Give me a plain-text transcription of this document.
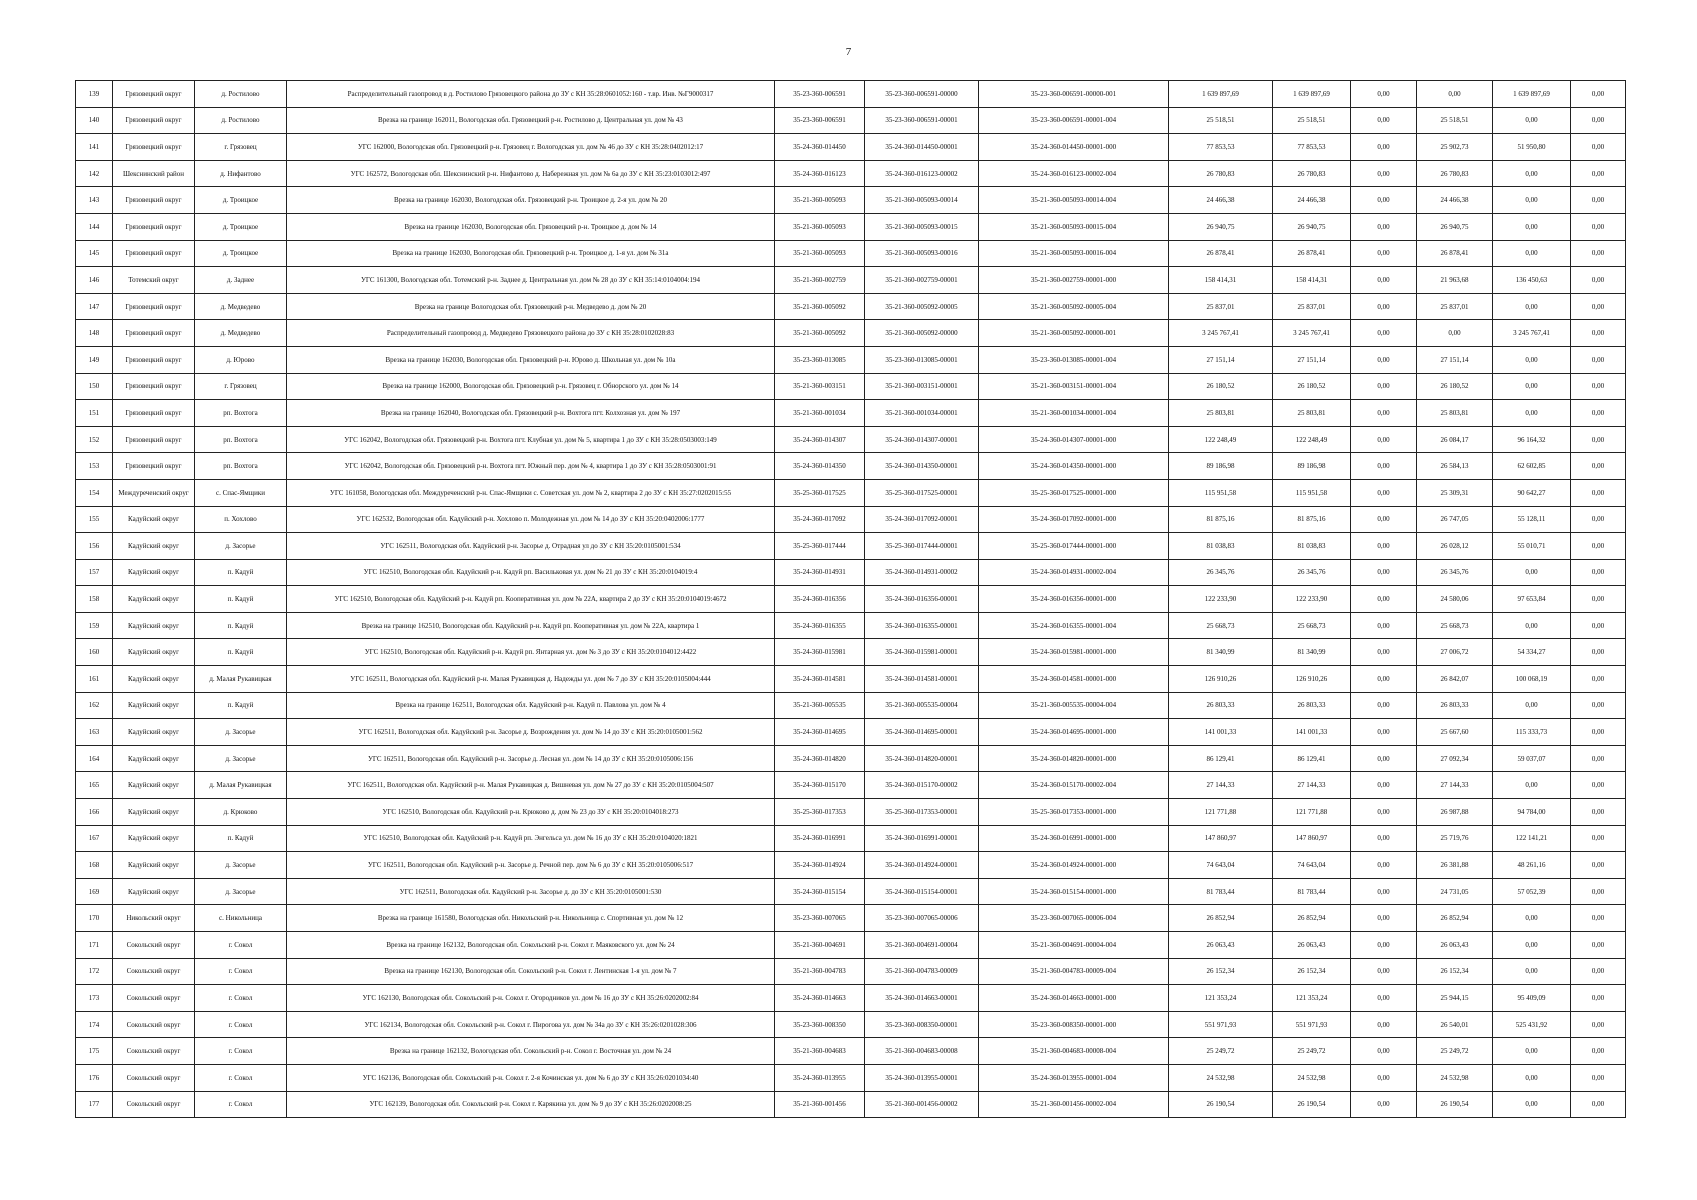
7
139	Грязовецкий округ	д. Ростилово	Распределительный газопровод в д. Ростилово Грязовецкого района до ЗУ с КН 35:28:0601052:160 - т.вр. Инв. №Г9000317	35-23-360-006591	35-23-360-006591-00000	35-23-360-006591-00000-001	1 639 897,69	1 639 897,69	0,00	0,00	1 639 897,69	0,00
140	Грязовецкий округ	д. Ростилово	Врезка на границе 162011, Вологодская обл. Грязовецкий р-н. Ростилово д. Центральная ул. дом № 43	35-23-360-006591	35-23-360-006591-00001	35-23-360-006591-00001-004	25 518,51	25 518,51	0,00	25 518,51	0,00	0,00
141	Грязовецкий округ	г. Грязовец	УГС 162000, Вологодская обл. Грязовецкий р-н. Грязовец г. Вологодская ул. дом № 46 до ЗУ с КН 35:28:0402012:17	35-24-360-014450	35-24-360-014450-00001	35-24-360-014450-00001-000	77 853,53	77 853,53	0,00	25 902,73	51 950,80	0,00
142	Шекснинский район	д. Нифантово	УГС 162572, Вологодская обл. Шекснинский р-н. Нифантово д. Набережная ул. дом № 6а до ЗУ с КН 35:23:0103012:497	35-24-360-016123	35-24-360-016123-00002	35-24-360-016123-00002-004	26 780,83	26 780,83	0,00	26 780,83	0,00	0,00
143	Грязовецкий округ	д. Троицкое	Врезка на границе 162030, Вологодская обл. Грязовецкий р-н. Троицкое д. 2-я ул. дом № 20	35-21-360-005093	35-21-360-005093-00014	35-21-360-005093-00014-004	24 466,38	24 466,38	0,00	24 466,38	0,00	0,00
144	Грязовецкий округ	д. Троицкое	Врезка на границе 162030, Вологодская обл. Грязовецкий р-н. Троицкое д. дом № 14	35-21-360-005093	35-21-360-005093-00015	35-21-360-005093-00015-004	26 940,75	26 940,75	0,00	26 940,75	0,00	0,00
145	Грязовецкий округ	д. Троицкое	Врезка на границе 162030, Вологодская обл. Грязовецкий р-н. Троицкое д. 1-я ул. дом № 31а	35-21-360-005093	35-21-360-005093-00016	35-21-360-005093-00016-004	26 878,41	26 878,41	0,00	26 878,41	0,00	0,00
146	Тотемский округ	д. Заднее	УГС 161300, Вологодская обл. Тотемский р-н. Заднее д. Центральная ул. дом № 28 до ЗУ с КН 35:14:0104004:194	35-21-360-002759	35-21-360-002759-00001	35-21-360-002759-00001-000	158 414,31	158 414,31	0,00	21 963,68	136 450,63	0,00
147	Грязовецкий округ	д. Медведево	Врезка на границе Вологодская обл. Грязовецкий р-н. Медведево д. дом № 20	35-21-360-005092	35-21-360-005092-00005	35-21-360-005092-00005-004	25 837,01	25 837,01	0,00	25 837,01	0,00	0,00
148	Грязовецкий округ	д. Медведево	Распределительный газопровод д. Медведево Грязовецкого района до ЗУ с КН 35:28:0102028:83	35-21-360-005092	35-21-360-005092-00000	35-21-360-005092-00000-001	3 245 767,41	3 245 767,41	0,00	0,00	3 245 767,41	0,00
149	Грязовецкий округ	д. Юрово	Врезка на границе 162030, Вологодская обл. Грязовецкий р-н. Юрово д. Школьная ул. дом № 10а	35-23-360-013085	35-23-360-013085-00001	35-23-360-013085-00001-004	27 151,14	27 151,14	0,00	27 151,14	0,00	0,00
150	Грязовецкий округ	г. Грязовец	Врезка на границе 162000, Вологодская обл. Грязовецкий р-н. Грязовец г. Обнорского ул. дом № 14	35-21-360-003151	35-21-360-003151-00001	35-21-360-003151-00001-004	26 180,52	26 180,52	0,00	26 180,52	0,00	0,00
151	Грязовецкий округ	рп. Вохтога	Врезка на границе 162040, Вологодская обл. Грязовецкий р-н. Вохтога пгт. Колхозная ул. дом № 197	35-21-360-001034	35-21-360-001034-00001	35-21-360-001034-00001-004	25 803,81	25 803,81	0,00	25 803,81	0,00	0,00
152	Грязовецкий округ	рп. Вохтога	УГС 162042, Вологодская обл. Грязовецкий р-н. Вохтога пгт. Клубная ул. дом № 5, квартира 1 до ЗУ с КН 35:28:0503003:149	35-24-360-014307	35-24-360-014307-00001	35-24-360-014307-00001-000	122 248,49	122 248,49	0,00	26 084,17	96 164,32	0,00
153	Грязовецкий округ	рп. Вохтога	УГС 162042, Вологодская обл. Грязовецкий р-н. Вохтога пгт. Южный пер. дом № 4, квартира 1 до ЗУ с КН 35:28:0503001:91	35-24-360-014350	35-24-360-014350-00001	35-24-360-014350-00001-000	89 186,98	89 186,98	0,00	26 584,13	62 602,85	0,00
154	Междуреченский округ	с. Спас-Ямщики	УГС 161058, Вологодская обл. Междуреченский р-н. Спас-Ямщики с. Советская ул. дом № 2, квартира 2 до ЗУ с КН 35:27:0202015:55	35-25-360-017525	35-25-360-017525-00001	35-25-360-017525-00001-000	115 951,58	115 951,58	0,00	25 309,31	90 642,27	0,00
155	Кадуйский округ	п. Хохлово	УГС 162532, Вологодская обл. Кадуйский р-н. Хохлово п. Молодежная ул. дом № 14 до ЗУ с КН 35:20:0402006:1777	35-24-360-017092	35-24-360-017092-00001	35-24-360-017092-00001-000	81 875,16	81 875,16	0,00	26 747,05	55 128,11	0,00
156	Кадуйский округ	д. Засорье	УГС 162511, Вологодская обл. Кадуйский р-н. Засорье д. Отрадная ул до ЗУ с КН 35:20:0105001:534	35-25-360-017444	35-25-360-017444-00001	35-25-360-017444-00001-000	81 038,83	81 038,83	0,00	26 028,12	55 010,71	0,00
157	Кадуйский округ	п. Кадуй	УГС 162510, Вологодская обл. Кадуйский р-н. Кадуй рп. Васильковая ул. дом № 21 до ЗУ с КН 35:20:0104019:4	35-24-360-014931	35-24-360-014931-00002	35-24-360-014931-00002-004	26 345,76	26 345,76	0,00	26 345,76	0,00	0,00
158	Кадуйский округ	п. Кадуй	УГС 162510, Вологодская обл. Кадуйский р-н. Кадуй рп. Кооперативная ул. дом № 22А, квартира 2 до ЗУ с КН 35:20:0104019:4672	35-24-360-016356	35-24-360-016356-00001	35-24-360-016356-00001-000	122 233,90	122 233,90	0,00	24 580,06	97 653,84	0,00
159	Кадуйский округ	п. Кадуй	Врезка на границе 162510, Вологодская обл. Кадуйский р-н. Кадуй рп. Кооперативная ул. дом № 22А, квартира 1	35-24-360-016355	35-24-360-016355-00001	35-24-360-016355-00001-004	25 668,73	25 668,73	0,00	25 668,73	0,00	0,00
160	Кадуйский округ	п. Кадуй	УГС 162510, Вологодская обл. Кадуйский р-н. Кадуй рп. Янтарная ул. дом № 3 до ЗУ с КН 35:20:0104012:4422	35-24-360-015981	35-24-360-015981-00001	35-24-360-015981-00001-000	81 340,99	81 340,99	0,00	27 006,72	54 334,27	0,00
161	Кадуйский округ	д. Малая Рукавицкая	УГС 162511, Вологодская обл. Кадуйский р-н. Малая Рукавицкая д. Надежды ул. дом № 7 до ЗУ с КН 35:20:0105004:444	35-24-360-014581	35-24-360-014581-00001	35-24-360-014581-00001-000	126 910,26	126 910,26	0,00	26 842,07	100 068,19	0,00
162	Кадуйский округ	п. Кадуй	Врезка на границе 162511, Вологодская обл. Кадуйский р-н. Кадуй п. Павлова ул. дом № 4	35-21-360-005535	35-21-360-005535-00004	35-21-360-005535-00004-004	26 803,33	26 803,33	0,00	26 803,33	0,00	0,00
163	Кадуйский округ	д. Засорье	УГС 162511, Вологодская обл. Кадуйский р-н. Засорье д. Возрождения ул. дом № 14 до ЗУ с КН 35:20:0105001:562	35-24-360-014695	35-24-360-014695-00001	35-24-360-014695-00001-000	141 001,33	141 001,33	0,00	25 667,60	115 333,73	0,00
164	Кадуйский округ	д. Засорье	УГС 162511, Вологодская обл. Кадуйский р-н. Засорье д. Лесная ул. дом № 14 до ЗУ с КН 35:20:0105006:156	35-24-360-014820	35-24-360-014820-00001	35-24-360-014820-00001-000	86 129,41	86 129,41	0,00	27 092,34	59 037,07	0,00
165	Кадуйский округ	д. Малая Рукавицкая	УГС 162511, Вологодская обл. Кадуйский р-н. Малая Рукавицкая д. Вишневая ул. дом № 27 до ЗУ с КН 35:20:0105004:507	35-24-360-015170	35-24-360-015170-00002	35-24-360-015170-00002-004	27 144,33	27 144,33	0,00	27 144,33	0,00	0,00
166	Кадуйский округ	д. Крюково	УГС 162510, Вологодская обл. Кадуйский р-н. Крюково д. дом № 23 до ЗУ с КН 35:20:0104018:273	35-25-360-017353	35-25-360-017353-00001	35-25-360-017353-00001-000	121 771,88	121 771,88	0,00	26 987,88	94 784,00	0,00
167	Кадуйский округ	п. Кадуй	УГС 162510, Вологодская обл. Кадуйский р-н. Кадуй рп. Энгельса ул. дом № 16 до ЗУ с КН 35:20:0104020:1821	35-24-360-016991	35-24-360-016991-00001	35-24-360-016991-00001-000	147 860,97	147 860,97	0,00	25 719,76	122 141,21	0,00
168	Кадуйский округ	д. Засорье	УГС 162511, Вологодская обл. Кадуйский р-н. Засорье д. Речной пер. дом № 6 до ЗУ с КН 35:20:0105006:517	35-24-360-014924	35-24-360-014924-00001	35-24-360-014924-00001-000	74 643,04	74 643,04	0,00	26 381,88	48 261,16	0,00
169	Кадуйский округ	д. Засорье	УГС 162511, Вологодская обл. Кадуйский р-н. Засорье д. до ЗУ с КН 35:20:0105001:530	35-24-360-015154	35-24-360-015154-00001	35-24-360-015154-00001-000	81 783,44	81 783,44	0,00	24 731,05	57 052,39	0,00
170	Никольский округ	с. Никольница	Врезка на границе 161580, Вологодская обл. Никольский р-н. Никольница с. Спортивная ул. дом № 12	35-23-360-007065	35-23-360-007065-00006	35-23-360-007065-00006-004	26 852,94	26 852,94	0,00	26 852,94	0,00	0,00
171	Сокольский округ	г. Сокол	Врезка на границе 162132, Вологодская обл. Сокольский р-н. Сокол г. Маяковского ул. дом № 24	35-21-360-004691	35-21-360-004691-00004	35-21-360-004691-00004-004	26 063,43	26 063,43	0,00	26 063,43	0,00	0,00
172	Сокольский округ	г. Сокол	Врезка на границе 162130, Вологодская обл. Сокольский р-н. Сокол г. Лентинская 1-я ул. дом № 7	35-21-360-004783	35-21-360-004783-00009	35-21-360-004783-00009-004	26 152,34	26 152,34	0,00	26 152,34	0,00	0,00
173	Сокольский округ	г. Сокол	УГС 162130, Вологодская обл. Сокольский р-н. Сокол г. Огородников ул. дом № 16 до ЗУ с КН 35:26:0202002:84	35-24-360-014663	35-24-360-014663-00001	35-24-360-014663-00001-000	121 353,24	121 353,24	0,00	25 944,15	95 409,09	0,00
174	Сокольский округ	г. Сокол	УГС 162134, Вологодская обл. Сокольский р-н. Сокол г. Пирогова ул. дом № 34а до ЗУ с КН 35:26:0201028:306	35-23-360-008350	35-23-360-008350-00001	35-23-360-008350-00001-000	551 971,93	551 971,93	0,00	26 540,01	525 431,92	0,00
175	Сокольский округ	г. Сокол	Врезка на границе 162132, Вологодская обл. Сокольский р-н. Сокол г. Восточная ул. дом № 24	35-21-360-004683	35-21-360-004683-00008	35-21-360-004683-00008-004	25 249,72	25 249,72	0,00	25 249,72	0,00	0,00
176	Сокольский округ	г. Сокол	УГС 162136, Вологодская обл. Сокольский р-н. Сокол г. 2-я Кочинская ул. дом № 6 до ЗУ с КН 35:26:0201034:40	35-24-360-013955	35-24-360-013955-00001	35-24-360-013955-00001-004	24 532,98	24 532,98	0,00	24 532,98	0,00	0,00
177	Сокольский округ	г. Сокол	УГС 162139, Вологодская обл. Сокольский р-н. Сокол г. Карякина ул. дом № 9 до ЗУ с КН 35:26:0202008:25	35-21-360-001456	35-21-360-001456-00002	35-21-360-001456-00002-004	26 190,54	26 190,54	0,00	26 190,54	0,00	0,00
